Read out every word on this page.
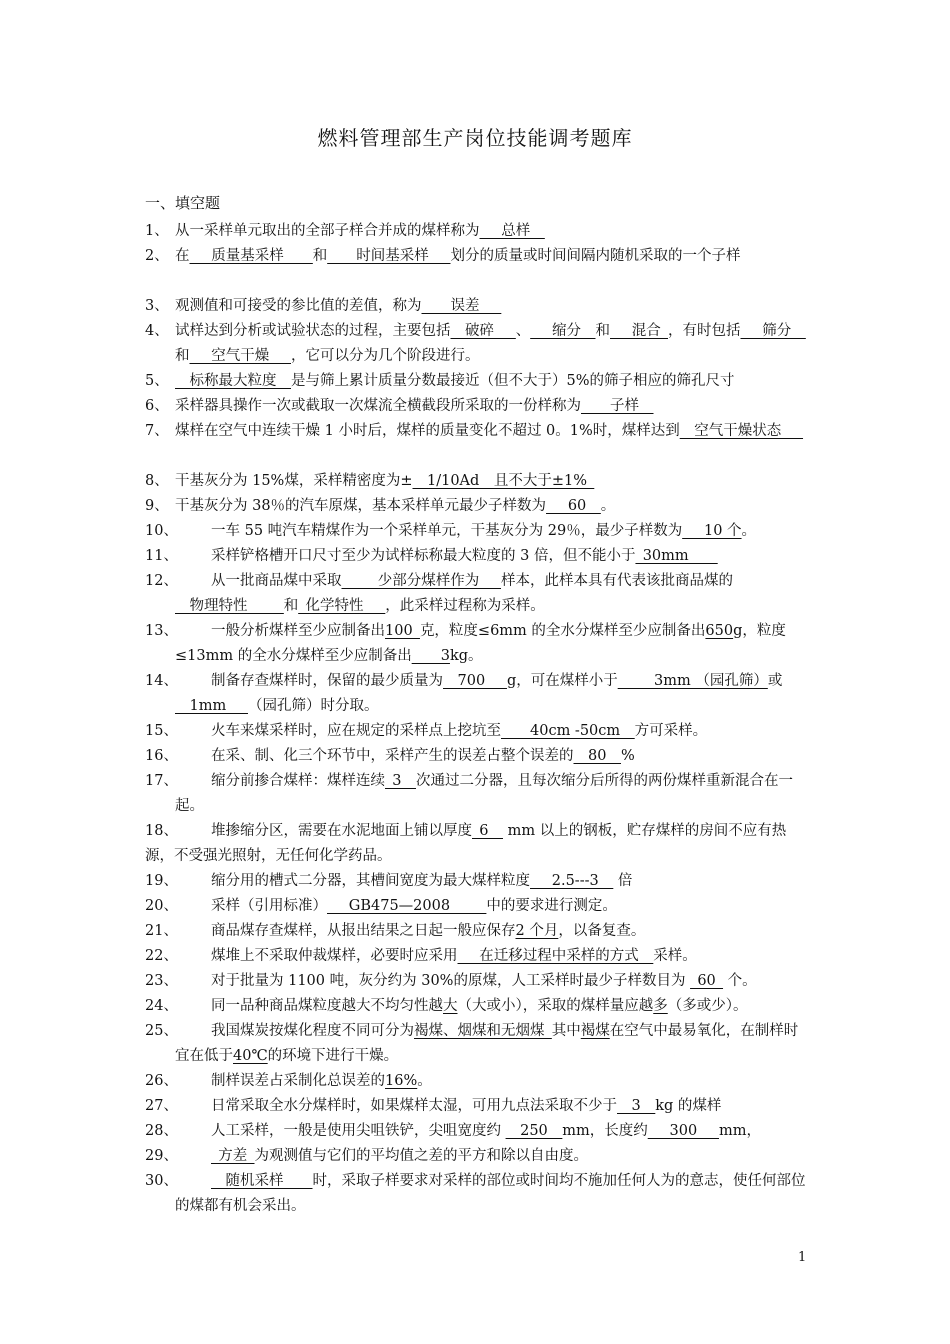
燃料管理部生产岗位技能调考题库
一、填空题
1、 从一采样单元取出的全部子样合并成的煤样称为___总样__
2、 在___质量基采样____和____时间基采样___划分的质量或时间间隔内随机采取的一个子样
3、 观测值和可接受的参比值的差值，称为____误差___
4、 试样达到分析或试验状态的过程，主要包括__破碎___、___缩分__和___混合_，有时包括___筛分__和___空气干燥___，它可以分为几个阶段进行。
5、 __标称最大粒度__是与筛上累计质量分数最接近（但不大于）5%的筛子相应的筛孔尺寸
6、 采样器具操作一次或截取一次煤流全横截段所采取的一份样称为____子样__
7、 煤样在空气中连续干燥 1 小时后，煤样的质量变化不超过 0。1%时，煤样达到__空气干燥状态___
8、 干基灰分为 15%煤，采样精密度为±__1/10Ad__且不大于±1%_
9、 干基灰分为 38％的汽车原煤，基本采样单元最少子样数为___60__。
10、	一车 55 吨汽车精煤作为一个采样单元，干基灰分为 29％，最少子样数为___10 个。
11、	采样铲格槽开口尺寸至少为试样标称最大粒度的 3 倍，但不能小于_30mm____
12、	从一批商品煤中采取_____少部分煤样作为___样本，此样本具有代表该批商品煤的__物理特性_____和_化学特性___，此采样过程称为采样。
13、	一般分析煤样至少应制备出100_克，粒度≤6mm 的全水分煤样至少应制备出650g，粒度≤13mm 的全水分煤样至少应制备出____3kg。
14、	制备存查煤样时，保留的最少质量为__700___g，可在煤样小于_____3mm （园孔筛）或__1mm___（园孔筛）时分取。
15、	火车来煤采样时，应在规定的采样点上挖坑至____40cm -50cm__方可采样。
16、	在采、制、化三个环节中，采样产生的误差占整个误差的__80__%
17、	缩分前掺合煤样：煤样连续_3__次通过二分器，且每次缩分后所得的两份煤样重新混合在一起。
18、	堆掺缩分区，需要在水泥地面上铺以厚度_6__ mm 以上的钢板，贮存煤样的房间不应有热源，不受强光照射，无任何化学药品。
19、	缩分用的槽式二分器，其槽间宽度为最大煤样粒度___2.5---3__ 倍
20、	采样（引用标准）___GB475—2008_____中的要求进行测定。
21、	商品煤存查煤样，从报出结果之日起一般应保存2 个月，以备复查。
22、	煤堆上不采取仲裁煤样，必要时应采用___在迁移过程中采样的方式__采样。
23、	对于批量为 1100 吨，灰分约为 30%的原煤，人工采样时最少子样数目为 _60_ 个。
24、	同一品种商品煤粒度越大不均匀性越大（大或小），采取的煤样量应越多（多或少）。
25、	我国煤炭按煤化程度不同可分为褐煤、烟煤和无烟煤_其中褐煤在空气中最易氧化，在制样时宜在低于40℃的环境下进行干燥。
26、	制样误差占采制化总误差的16%。
27、	日常采取全水分煤样时，如果煤样太湿，可用九点法采取不少于__3__kg 的煤样
28、	人工采样，一般是使用尖咀铁铲，尖咀宽度约 __250__mm，长度约___300___mm，
29、	_方差_为观测值与它们的平均值之差的平方和除以自由度。
30、	__随机采样____时，采取子样要求对采样的部位或时间均不施加任何人为的意志，使任何部位的煤都有机会采出。
1
